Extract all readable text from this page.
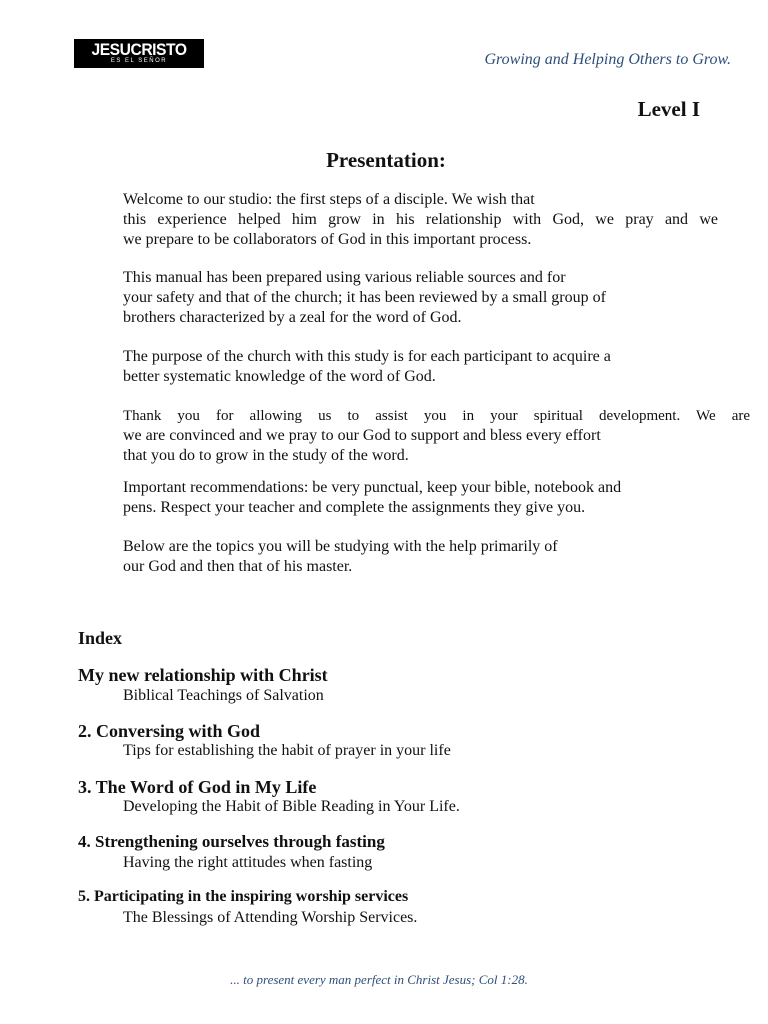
JESUCRISTO
ES EL SEÑOR	Growing and Helping Others to Grow.
Level I
Presentation:

Welcome to our studio: the first steps of a disciple. We wish that
this experience helped him grow in his relationship with God, we pray and we
we prepare to be collaborators of God in this important process.

This manual has been prepared using various reliable sources and for
your safety and that of the church; it has been reviewed by a small group of
brothers characterized by a zeal for the word of God.

The purpose of the church with this study is for each participant to acquire a
better systematic knowledge of the word of God.

Thank you for allowing us to assist you in your spiritual development. We are
we are convinced and we pray to our God to support and bless every effort
that you do to grow in the study of the word.

Important recommendations: be very punctual, keep your bible, notebook and
pens. Respect your teacher and complete the assignments they give you.

Below are the topics you will be studying with the help primarily of
our God and then that of his master.

Index
My new relationship with Christ
Biblical Teachings of Salvation
2. Conversing with God
Tips for establishing the habit of prayer in your life
3. The Word of God in My Life
Developing the Habit of Bible Reading in Your Life.
4. Strengthening ourselves through fasting
Having the right attitudes when fasting
5. Participating in the inspiring worship services
The Blessings of Attending Worship Services.
... to present every man perfect in Christ Jesus; Col 1:28.
